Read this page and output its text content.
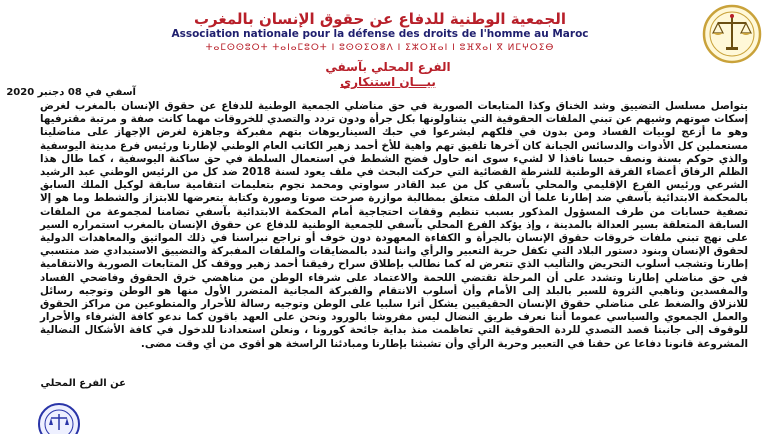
الجمعية الوطنية للدفاع عن حقوق الإنسان بالمغرب
Association nationale pour la défense des droits de l'homme au Maroc
ⵜⴰⵎⵙⵙⵓⵔⵜ ⵜⴰⵏⴰⵎⵓⵔⵜ ⵏ ⵓⵙⵙⵉⵔⴻⴷ ⵏ ⵉⵣⵔⴼⴰⵏ ⵏ ⵓⴼⴳⴰⵏ ⴳ ⵍⵎⵖⵔⵉⴱ
الفرع المحلي بآسفي
بيـــان استنكاري
آسفي في 08 دجنبر 2020

بتواصل مسلسل التضييق وشد الخناق وكذا المتابعات الصورية في حق مناضلي الجمعية الوطنية للدفاع عن حقوق الإنسان بالمغرب لغرض إسكات صوتهم وشيهم عن تبني الملفات الحقوقية التي يتناولونها بكل جرأة ودون تردد والتصدي للخروقات مهما كانت صفة و مرتبة مقترفيها وهو ما أزعج لوبيات الفساد ومن بدون في فلكهم ليشرعوا في حبك السيناريوهات بتهم مفبركة وجاهزة لغرض الإجهاز على مناضلينا مستعملين كل الأدوات والدسائس الجبانة كان آخرها تلفيق تهم واهية للأخ أحمد زهير الكاتب العام الوطني لإطارنا ورئيس فرع مدينة اليوسفية والذي حوكم بسنة ونصف حبسا نافذا لا لشيء سوى انه حاول فضح الشطط في استعمال السلطة في حق ساكنة اليوسفية ، كما طال هذا الظلم الرفاق أعضاء الفرقة الوطنية للشرطة القضائية التي حركت البحث في ملف يعود لسنة 2018 ضد كل من الرئيس الوطني عبد الرشيد الشرعي ورئيس الفرع الإقليمي والمحلي بآسفي كل من عبد القادر سواوتي ومحمد نجوم بتعليمات انتقامية سابقة لوكيل الملك السابق بالمحكمة الابتدائية بآسفي ضد إطارنا علما أن الملف متعلق بمطالبة موازرة صرحت صوتا وصورة وكتابة بتعرضها للابتزاز والشطط وما هو إلا تصفية حسابات من طرف المسؤول المذكور بسبب تنظيم وقفات احتجاجية أمام المحكمة الابتدائية بآسفي تضامنا لمجموعة من الملفات السابقة المتعلقة بسير العدالة بالمدينة ، وإذ يؤكد الفرع المحلي بآسفي للجمعية الوطنية للدفاع عن حقوق الإنسان بالمغرب استمراره السير على نهج تبني ملفات خروقات حقوق الإنسان بالجرأة و الكفاءة المعهودة دون خوف أو تراجع نبراسنا في ذلك المواثيق والمعاهدات الدولية لحقوق الإنسان وبنود دستور البلاد التي تكفل حرية التعبير والرأي واننا لندد بالمضايقات والملفات المفبركة والتضييق الاستبدادي ضد منتسبي إطارنا وتشجب أسلوب التحريض والتأليب الذي تتعرض له كما نطالب بإطلاق سراح رفيقنا أحمد زهير ووقف كل المتابعات الصورية والانتقامية في حق مناضلي إطارنا وتشدد على أن المرحلة تقتضي اللحمة والاعتماد على شرفاء الوطن من مناهضي خرق الحقوق وفاضحي الفساد والمفسدين وناهبي الثروة للسير بالبلد إلى الأمام وأن أسلوب الانتقام والفبركة المجانية المتضرر الأول منها هو الوطن وتوجيه رسائل للانزلاق والضغط على مناضلي حقوق الإنسان الحقيقيين يشكل أثرا سلبيا على الوطن وتوجيه رسالة للأحرار والمتطوعين من مراكز الحقوق والعمل الجمعوي والسياسي عموما أننا نعرف طريق النضال ليس مفروشا بالورود ونحن على العهد باقون كما ندعو كافة الشرفاء والأحرار للوقوف إلى جانبنا قصد التصدي للردة الحقوقية التي تعاظمت منذ بداية جائحة كورونا ، ونعلن استعدادنا للدخول في كافة الأشكال النضالية المشروعة قانونا دفاعا عن حقنا في التعبير وحرية الرأي وأن تشبثنا بإطارنا ومبادئنا الراسخة هو أقوى من أي وقت مضى.

عن الفرع المحلي
